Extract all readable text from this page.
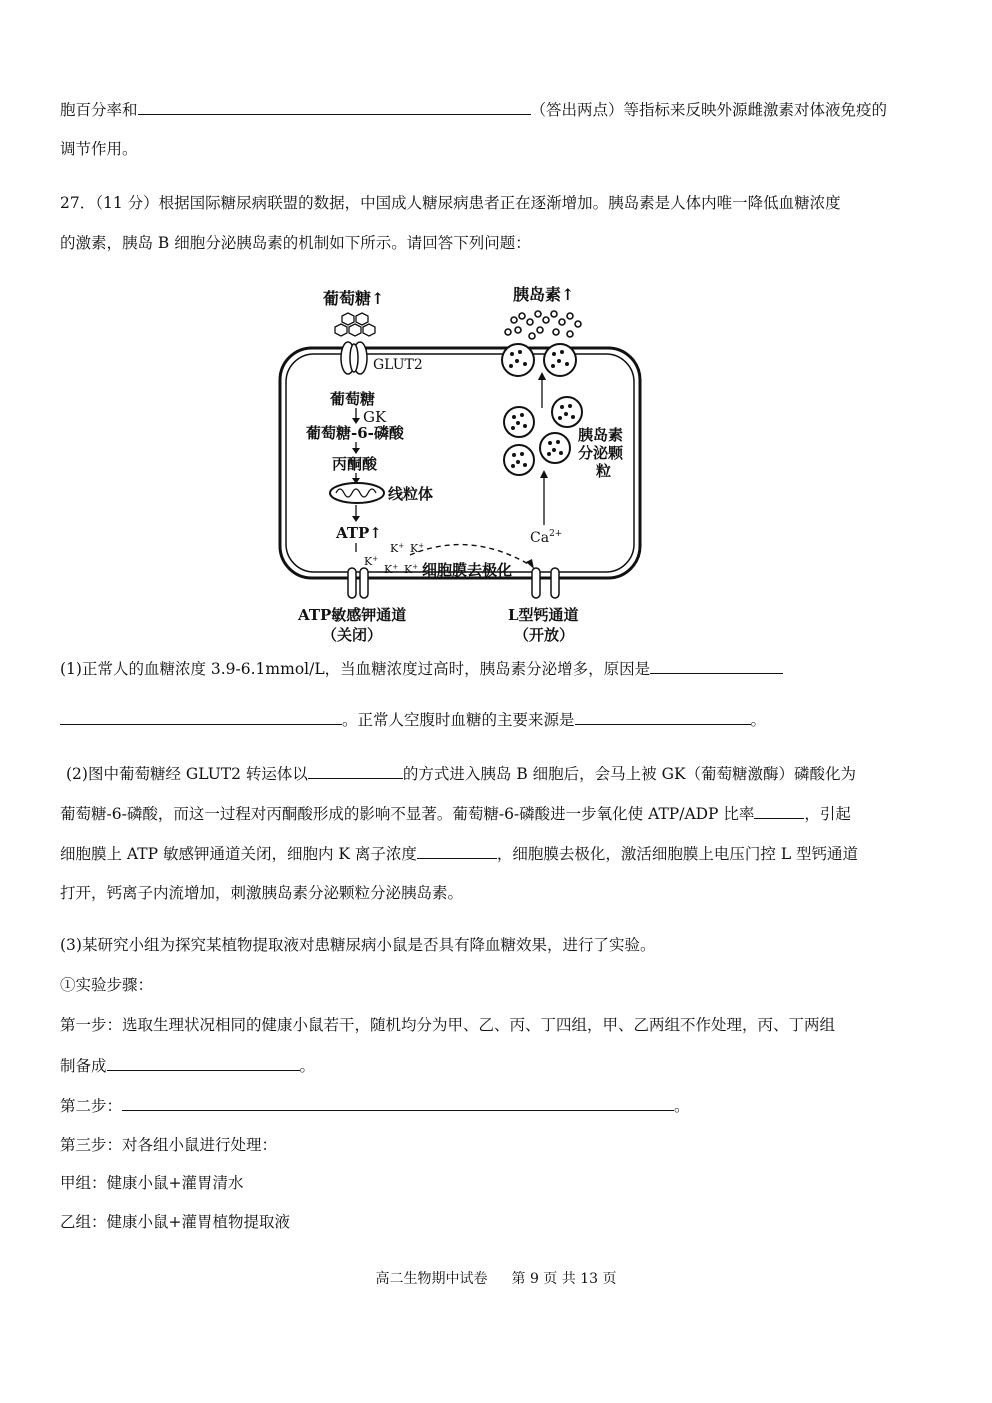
胞百分率和	（答出两点）等指标来反映外源雌激素对体液免疫的
调节作用。
27．（11 分）根据国际糖尿病联盟的数据，中国成人糖尿病患者正在逐渐增加。胰岛素是人体内唯一降低血糖浓度
的激素，胰岛 B 细胞分泌胰岛素的机制如下所示。请回答下列问题：
葡萄糖↑	胰岛素↑
GLUT2
葡萄糖
GK
葡萄糖-6-磷酸
丙酮酸
线粒体
ATP↑
K+ K+
K+
K+ K+ 细胞膜去极化
$Ca^{2+}$
胰岛素
分泌颗
粒
ATP敏感钾通道
（关闭）
L型钙通道
（开放）
(1)正常人的血糖浓度 3.9-6.1mmol/L，当血糖浓度过高时，胰岛素分泌增多，原因是
。正常人空腹时血糖的主要来源是	。
(2)图中葡萄糖经 GLUT2 转运体以	的方式进入胰岛 B 细胞后，会马上被 GK（葡萄糖激酶）磷酸化为
葡萄糖-6-磷酸，而这一过程对丙酮酸形成的影响不显著。葡萄糖-6-磷酸进一步氧化使 ATP/ADP 比率	，引起
细胞膜上 ATP 敏感钾通道关闭，细胞内 K 离子浓度	，细胞膜去极化，激活细胞膜上电压门控 L 型钙通道
打开，钙离子内流增加，刺激胰岛素分泌颗粒分泌胰岛素。
(3)某研究小组为探究某植物提取液对患糖尿病小鼠是否具有降血糖效果，进行了实验。
①实验步骤：
第一步：选取生理状况相同的健康小鼠若干，随机均分为甲、乙、丙、丁四组，甲、乙两组不作处理，丙、丁两组
制备成	。
第二步：	。
第三步：对各组小鼠进行处理：
甲组：健康小鼠+灌胃清水
乙组：健康小鼠+灌胃植物提取液
高二生物期中试卷 第 9 页 共 13 页
